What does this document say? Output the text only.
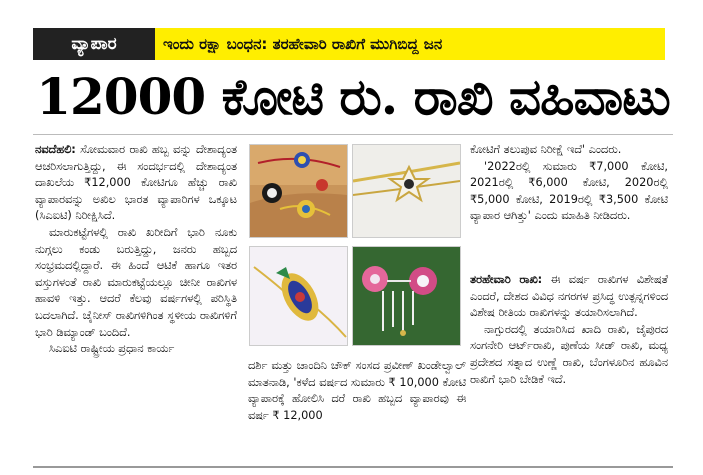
ವ್ಯಾಪಾರ	ಇಂದು ರಕ್ಷಾ ಬಂಧನ: ತರಹೇವಾರಿ ರಾಖಿಗೆ ಮುಗಿಬಿದ್ದ ಜನ
12000 ಕೋಟಿ ರು. ರಾಖಿ ವಹಿವಾಟು

ನವದೆಹಲಿ: ಸೋಮವಾರ ರಾಖಿ ಹಬ್ಬ ವನ್ನು ದೇಶಾದ್ಯಂತ ಆಚರಿಸಲಾಗುತ್ತಿದ್ದು, ಈ ಸಂದರ್ಭದಲ್ಲಿ ದೇಶಾದ್ಯಂತ ದಾಖಲೆಯ ₹12,000 ಕೋಟಿಗೂ ಹೆಚ್ಚು ರಾಖಿ ವ್ಯಾಪಾರವನ್ನು ಅಖಿಲ ಭಾರತ ವ್ಯಾಪಾರಿಗಳ ಒಕ್ಕೂಟ (ಸಿಎಐಟಿ) ನಿರೀಕ್ಷಿಸಿದೆ.

ಮಾರುಕಟ್ಟೆಗಳಲ್ಲಿ ರಾಖಿ ಖರೀದಿಗೆ ಭಾರಿ ನೂಕು ನುಗ್ಗಲು ಕಂಡು ಬರುತ್ತಿದ್ದು, ಜನರು ಹಬ್ಬದ ಸಂಭ್ರಮದಲ್ಲಿದ್ದಾರೆ. ಈ ಹಿಂದೆ ಆಟಿಕೆ ಹಾಗೂ ಇತರ ವಸ್ತುಗಳಂತೆ ರಾಖಿ ಮಾರುಕಟ್ಟೆಯಲ್ಲೂ ಚೀನೀ ರಾಖಿಗಳ ಹಾವಳಿ ಇತ್ತು. ಆದರೆ ಕೆಲವು ವರ್ಷಗಳಲ್ಲಿ ಪರಿಸ್ಥಿತಿ ಬದಲಾಗಿದೆ. ಚೈನೀಸ್ ರಾಖಿಗಳಿಗಿಂತ ಸ್ಥಳೀಯ ರಾಖಿಗಳಿಗೆ ಭಾರಿ ಡಿಮ್ಯಾಂಡ್ ಬಂದಿದೆ.

ಸಿಎಐಟಿ ರಾಷ್ಟ್ರೀಯ ಪ್ರಧಾನ ಕಾರ್ಯ

ದರ್ಶಿ ಮತ್ತು ಚಾಂದಿನಿ ಚೌಕ್ ಸಂಸದ ಪ್ರವೀಣ್ ಖಂಡೇಲ್ವಾಲ್ ಮಾತನಾಡಿ, 'ಕಳೆದ ವರ್ಷದ ಸುಮಾರು ₹ 10,000 ಕೋಟಿ ವ್ಯಾಪಾರಕ್ಕೆ ಹೋಲಿಸಿ ದರೆ ರಾಖಿ ಹಬ್ಬದ ವ್ಯಾಪಾರವು ಈ ವರ್ಷ ₹ 12,000

ಕೋಟಿಗೆ ತಲುಪುವ ನಿರೀಕ್ಷೆ ಇದೆ' ಎಂದರು.

'2022ರಲ್ಲಿ ಸುಮಾರು ₹7,000 ಕೋಟಿ, 2021ರಲ್ಲಿ ₹6,000 ಕೋಟಿ, 2020ರಲ್ಲಿ ₹5,000 ಕೋಟಿ, 2019ರಲ್ಲಿ ₹3,500 ಕೋಟಿ ವ್ಯಾಪಾರ ಆಗಿತ್ತು' ಎಂದು ಮಾಹಿತಿ ನೀಡಿದರು.

ತರಹೇವಾರಿ ರಾಖಿ: ಈ ವರ್ಷ ರಾಖಿಗಳ ವಿಶೇಷತೆ ಎಂದರೆ, ದೇಶದ ವಿವಿಧ ನಗರಗಳ ಪ್ರಸಿದ್ಧ ಉತ್ಪನ್ನಗಳಿಂದ ವಿಶೇಷ ರೀತಿಯ ರಾಖಿಗಳನ್ನು ತಯಾರಿಸಲಾಗಿದೆ.

ನಾಗ್ಪುರದಲ್ಲಿ ತಯಾರಿಸಿದ ಖಾದಿ ರಾಖಿ, ಜೈಪುರದ ಸಂಗನೇರಿ ಆರ್ಟ್‌ರಾಖಿ, ಪುಣೆಯ ಸೀಡ್ ರಾಖಿ, ಮಧ್ಯ ಪ್ರದೇಶದ ಸತ್ನಾದ ಉಣ್ಣೆ ರಾಖಿ, ಬೆಂಗಳೂರಿನ ಹೂವಿನ ರಾಖಿಗೆ ಭಾರಿ ಬೇಡಿಕೆ ಇದೆ.
